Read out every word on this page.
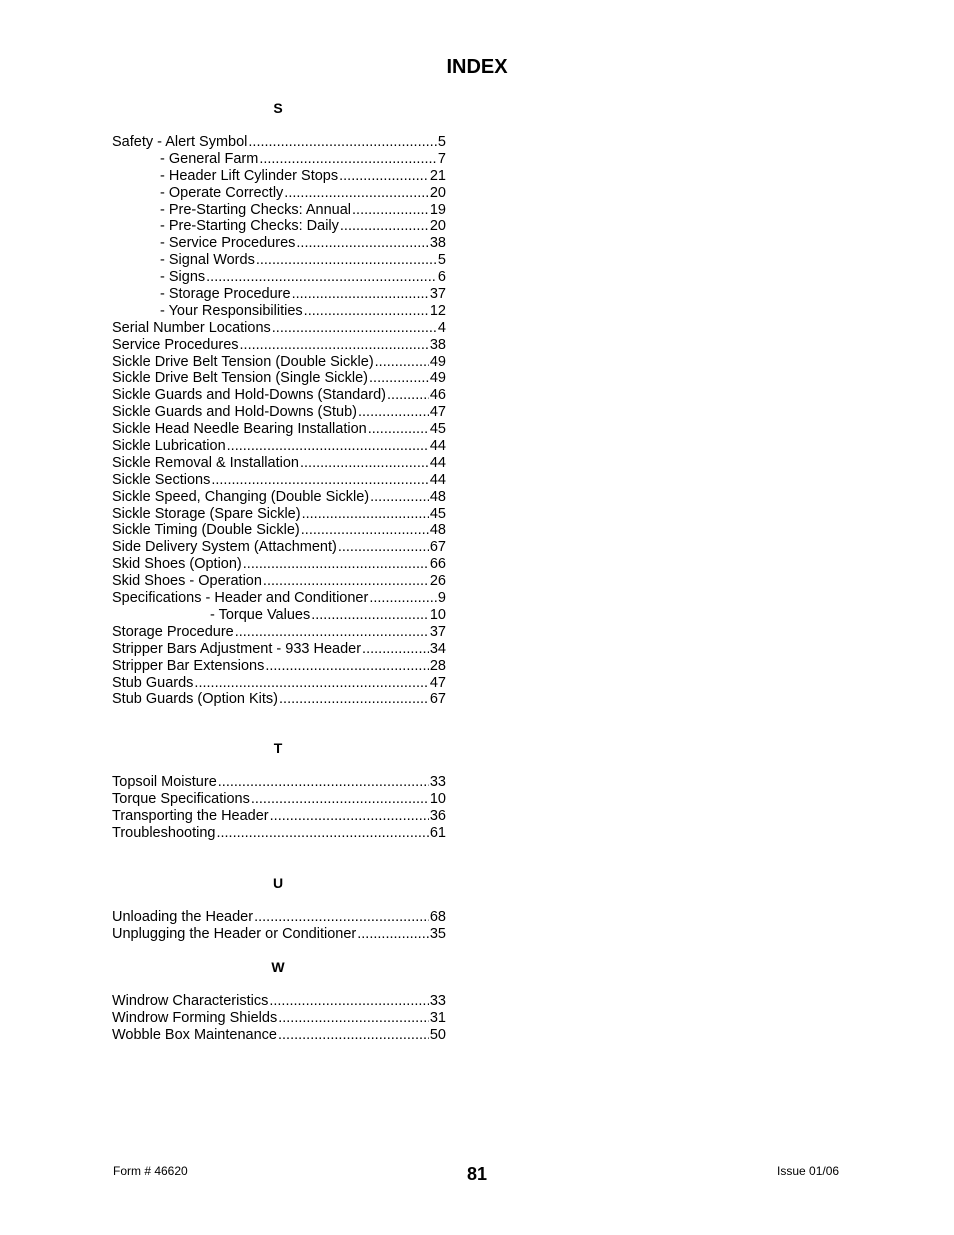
INDEX
S
Safety - Alert Symbol .....	5
- General Farm .....	7
- Header Lift Cylinder Stops .....	21
- Operate Correctly .....	20
- Pre-Starting Checks: Annual .....	19
- Pre-Starting Checks: Daily .....	20
- Service Procedures .....	38
- Signal Words .....	5
- Signs .....	6
- Storage Procedure .....	37
- Your Responsibilities .....	12
Serial Number Locations .....	4
Service Procedures .....	38
Sickle Drive Belt Tension (Double Sickle) .....	49
Sickle Drive Belt Tension (Single Sickle) .....	49
Sickle Guards and Hold-Downs (Standard) .....	46
Sickle Guards and Hold-Downs (Stub) .....	47
Sickle Head Needle Bearing Installation .....	45
Sickle Lubrication .....	44
Sickle Removal & Installation .....	44
Sickle Sections .....	44
Sickle Speed, Changing (Double Sickle) .....	48
Sickle Storage (Spare Sickle) .....	45
Sickle Timing (Double Sickle) .....	48
Side Delivery System (Attachment) .....	67
Skid Shoes (Option) .....	66
Skid Shoes - Operation .....	26
Specifications - Header and Conditioner .....	9
- Torque Values .....	10
Storage Procedure .....	37
Stripper Bars Adjustment - 933 Header .....	34
Stripper Bar Extensions .....	28
Stub Guards .....	47
Stub Guards (Option Kits) .....	67
T
Topsoil Moisture .....	33
Torque Specifications .....	10
Transporting the Header .....	36
Troubleshooting .....	61
U
Unloading the Header .....	68
Unplugging the Header or Conditioner .....	35
W
Windrow Characteristics .....	33
Windrow Forming Shields .....	31
Wobble Box Maintenance .....	50
Form # 46620	81	Issue 01/06
